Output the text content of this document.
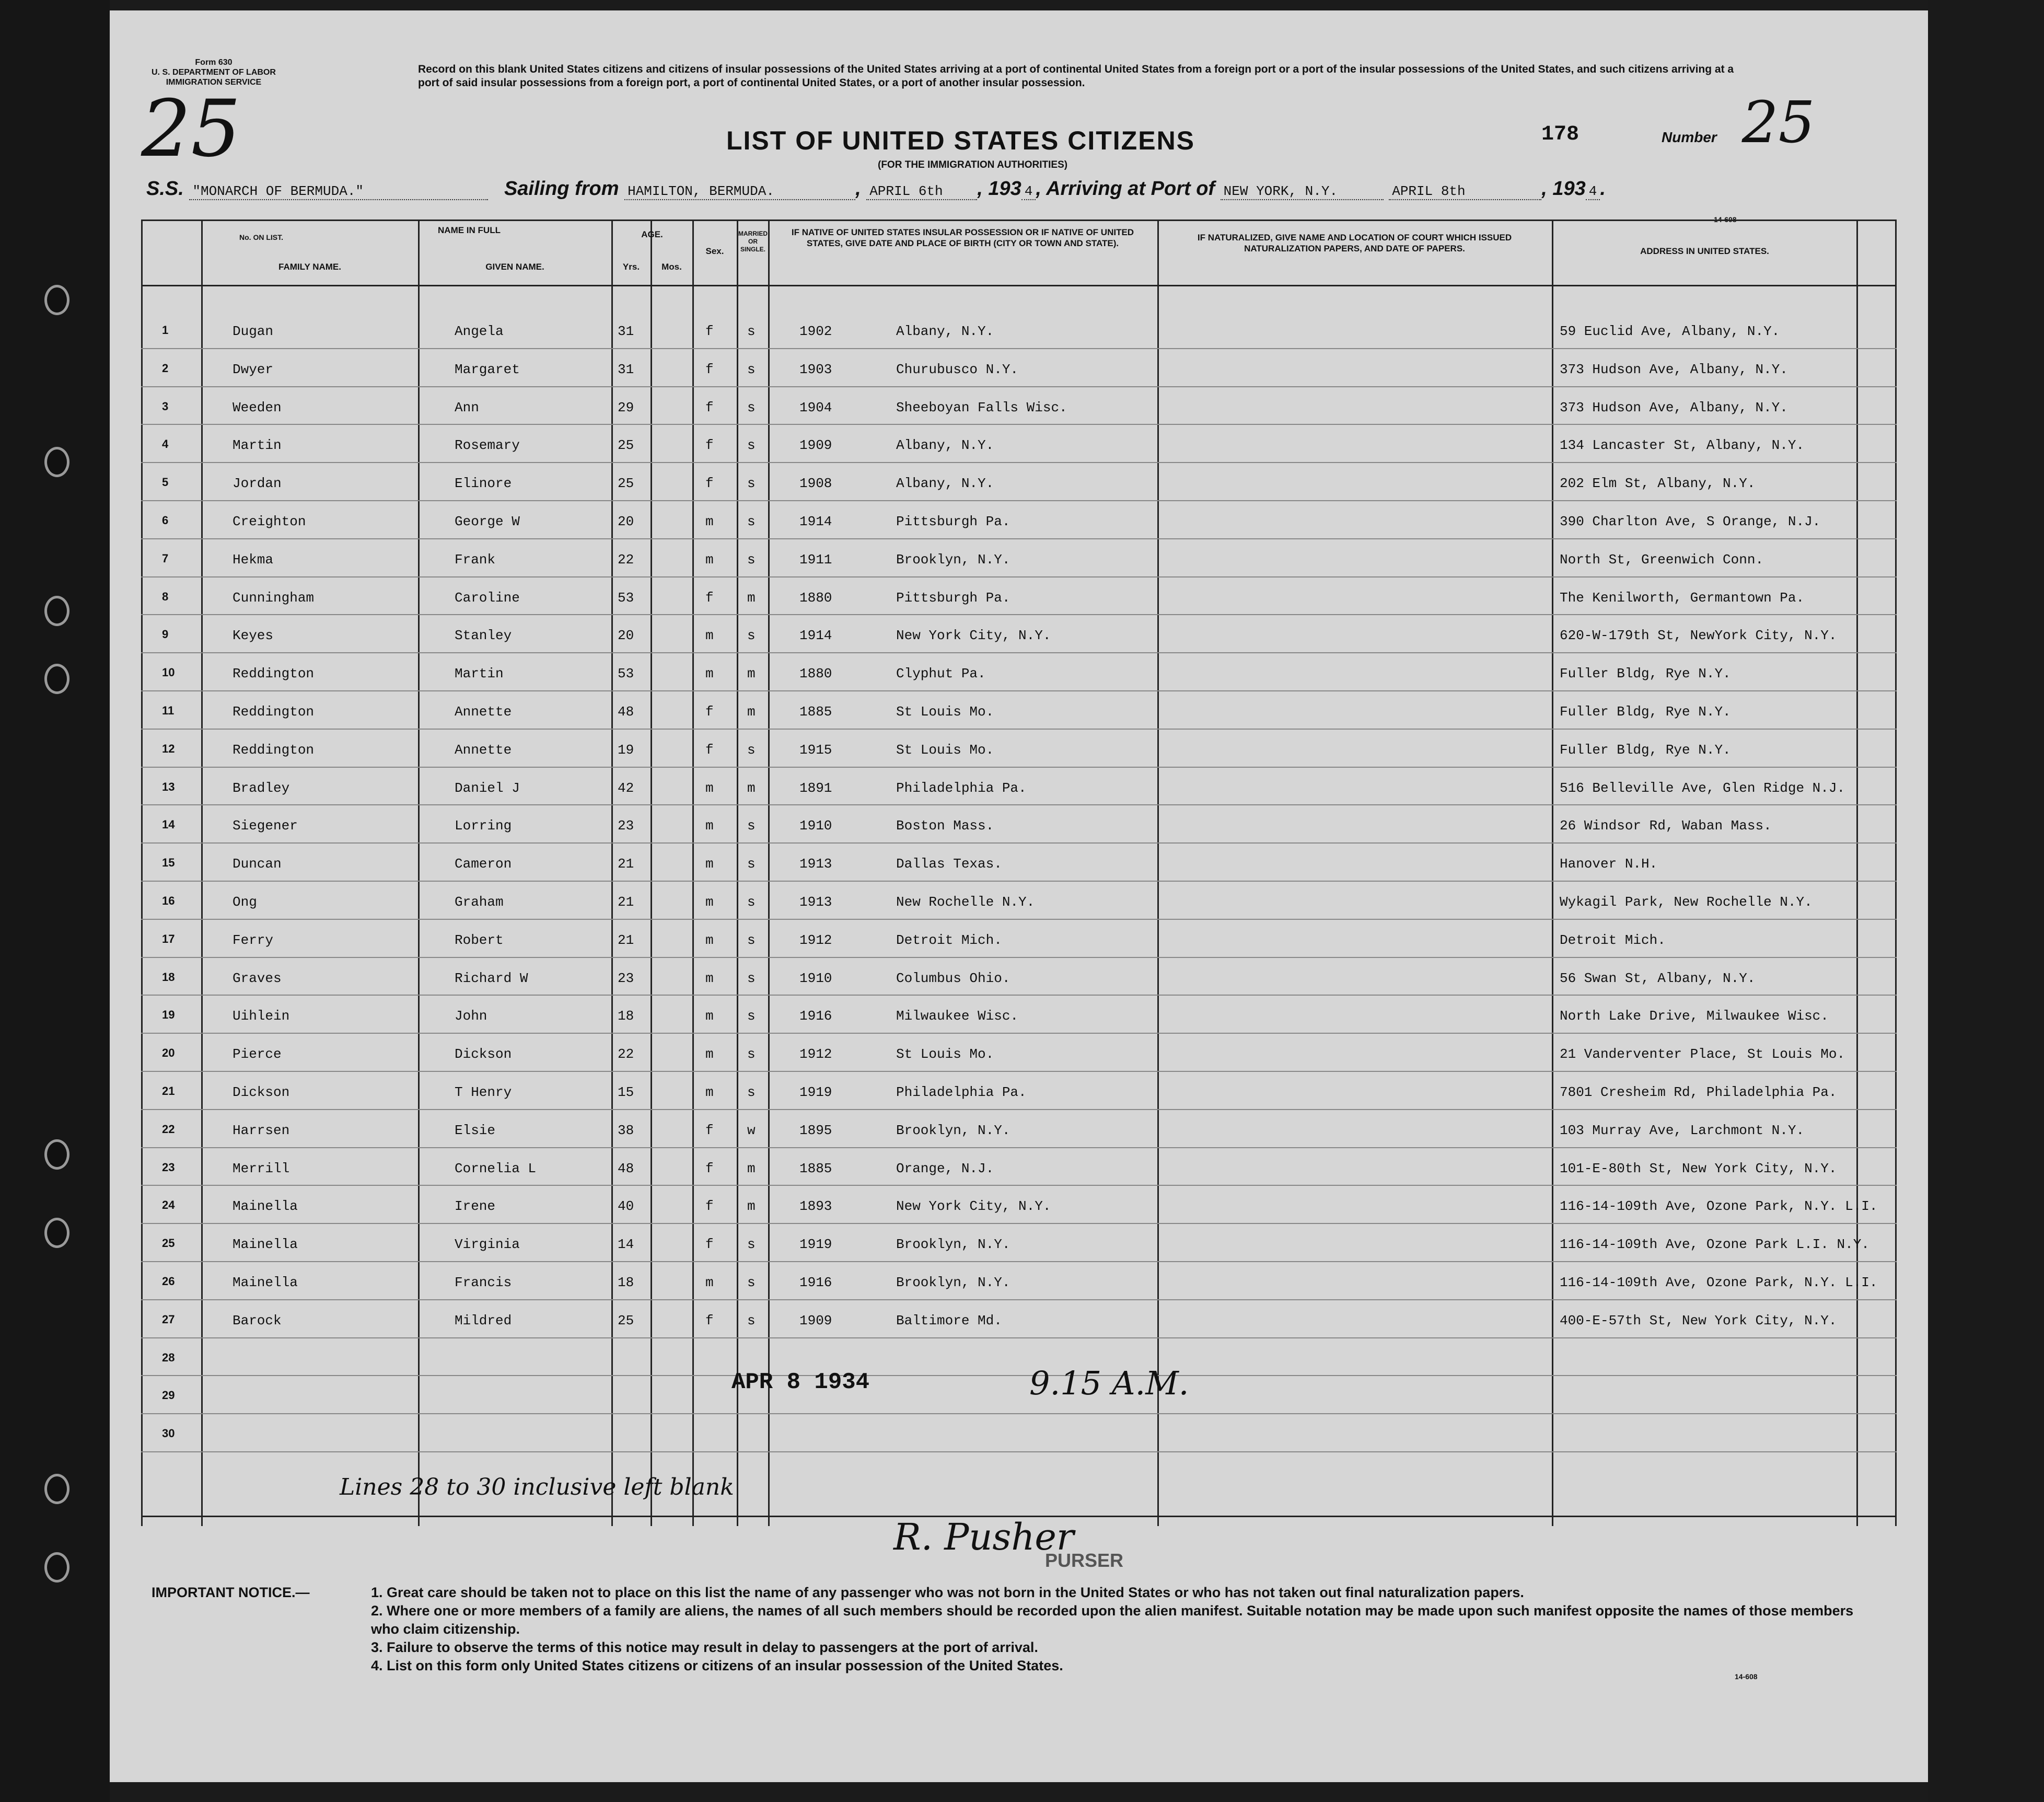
Form 630
U. S. DEPARTMENT OF LABOR
IMMIGRATION SERVICE
25
Record on this blank United States citizens and citizens of insular possessions of the United States arriving at a port of continental United States from a foreign port or a port of the insular possessions of the United States, and such citizens arriving at a port of said insular possessions from a foreign port, a port of continental United States, or a port of another insular possession.
Number 25
178
LIST OF UNITED STATES CITIZENS
(FOR THE IMMIGRATION AUTHORITIES)
S.S. "MONARCH OF BERMUDA."	Sailing from HAMILTON, BERMUDA.	, APRIL 6th , 193 4 , Arriving at Port of NEW YORK, N.Y.	APRIL 8th	, 193 4 .
No. ON LIST.
NAME IN FULL
FAMILY NAME.	GIVEN NAME.
AGE.
Yrs.	Mos.
Sex.
MARRIED OR SINGLE.
IF NATIVE OF UNITED STATES INSULAR POSSESSION OR IF NATIVE OF UNITED STATES, GIVE DATE AND PLACE OF BIRTH (CITY OR TOWN AND STATE).
IF NATURALIZED, GIVE NAME AND LOCATION OF COURT WHICH ISSUED NATURALIZATION PAPERS, AND DATE OF PAPERS.	ADDRESS IN UNITED STATES.
1	Dugan	Angela	31	f s	1902	Albany, N.Y.	59 Euclid Ave, Albany, N.Y.
2	Dwyer	Margaret	31	f s	1903	Churubusco N.Y.	373 Hudson Ave, Albany, N.Y.
3	Weeden	Ann	29	f s	1904	Sheeboyan Falls Wisc.	373 Hudson Ave, Albany, N.Y.
4	Martin	Rosemary	25	f s	1909	Albany, N.Y.	134 Lancaster St, Albany, N.Y.
5	Jordan	Elinore	25	f s	1908	Albany, N.Y.	202 Elm St, Albany, N.Y.
6	Creighton	George W	20	m s	1914	Pittsburgh Pa.	390 Charlton Ave, S Orange, N.J.
7	Hekma	Frank	22	m s	1911	Brooklyn, N.Y.	North St, Greenwich Conn.
8	Cunningham	Caroline	53	f m	1880	Pittsburgh Pa.	The Kenilworth, Germantown Pa.
9	Keyes	Stanley	20	m s	1914	New York City, N.Y.	620-W-179th St, NewYork City, N.Y.
10	Reddington	Martin	53	m m	1880	Clyphut Pa.	Fuller Bldg, Rye N.Y.
11	Reddington	Annette	48	f m	1885	St Louis Mo.	Fuller Bldg, Rye N.Y.
12	Reddington	Annette	19	f s	1915	St Louis Mo.	Fuller Bldg, Rye N.Y.
13	Bradley	Daniel J	42	m m	1891	Philadelphia Pa.	516 Belleville Ave, Glen Ridge N.J.
14	Siegener	Lorring	23	m s	1910	Boston Mass.	26 Windsor Rd, Waban Mass.
15	Duncan	Cameron	21	m s	1913	Dallas Texas.	Hanover N.H.
16	Ong	Graham	21	m s	1913	New Rochelle N.Y.	Wykagil Park, New Rochelle N.Y.
17	Ferry	Robert	21	m s	1912	Detroit Mich.	Detroit Mich.
18	Graves	Richard W	23	m s	1910	Columbus Ohio.	56 Swan St, Albany, N.Y.
19	Uihlein	John	18	m s	1916	Milwaukee Wisc.	North Lake Drive, Milwaukee Wisc.
20	Pierce	Dickson	22	m s	1912	St Louis Mo.	21 Vanderventer Place, St Louis Mo.
21	Dickson	T Henry	15	m s	1919	Philadelphia Pa.	7801 Cresheim Rd, Philadelphia Pa.
22	Harrsen	Elsie	38	f w	1895	Brooklyn, N.Y.	103 Murray Ave, Larchmont N.Y.
23	Merrill	Cornelia L	48	f m	1885	Orange, N.J.	101-E-80th St, New York City, N.Y.
24	Mainella	Irene	40	f m	1893	New York City, N.Y.	116-14-109th Ave, Ozone Park, N.Y. L.I.
25	Mainella	Virginia	14	f s	1919	Brooklyn, N.Y.	116-14-109th Ave, Ozone Park L.I. N.Y.
26	Mainella	Francis	18	m s	1916	Brooklyn, N.Y.	116-14-109th Ave, Ozone Park, N.Y. L.I.
27	Barock	Mildred	25	f s	1909	Baltimore Md.	400-E-57th St, New York City, N.Y.
28
29
30
APR 8 1934	9.15 A.M.
Lines 28 to 30 inclusive left blank
R. Pusher
PURSER
IMPORTANT NOTICE.—	1. Great care should be taken not to place on this list the name of any passenger who was not born in the United States or who has not taken out final naturalization papers.
2. Where one or more members of a family are aliens, the names of all such members should be recorded upon the alien manifest. Suitable notation may be made upon such manifest opposite the names of those members who claim citizenship.
3. Failure to observe the terms of this notice may result in delay to passengers at the port of arrival.
4. List on this form only United States citizens or citizens of an insular possession of the United States.
14-608
